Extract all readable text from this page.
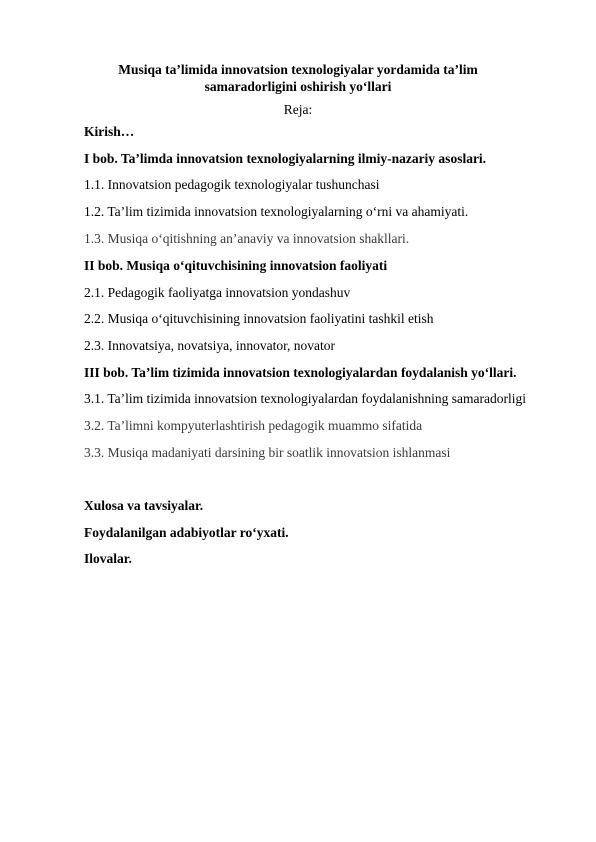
Musiqa ta’limida innovatsion texnologiyalar yordamida ta’lim
samaradorligini oshirish yo‘llari
Reja:
Kirish…
I bob. Ta’limda innovatsion texnologiyalarning ilmiy-nazariy asoslari.
1.1. Innovatsion pedagogik texnologiyalar tushunchasi
1.2. Ta’lim tizimida innovatsion texnologiyalarning o‘rni va ahamiyati.
1.3. Musiqa o‘qitishning an’anaviy va innovatsion shakllari.
II bob. Musiqa o‘qituvchisining innovatsion faoliyati
2.1. Pedagogik faoliyatga innovatsion yondashuv
2.2. Musiqa o‘qituvchisining innovatsion faoliyatini tashkil etish
2.3. Innovatsiya, novatsiya, innovator, novator
III bob. Ta’lim tizimida innovatsion texnologiyalardan foydalanish yo‘llari.
3.1. Ta’lim tizimida innovatsion texnologiyalardan foydalanishning samaradorligi
3.2. Ta’limni kompyuterlashtirish pedagogik muammo sifatida
3.3. Musiqa madaniyati darsining bir soatlik innovatsion ishlanmasi
Xulosa va tavsiyalar.
Foydalanilgan adabiyotlar ro‘yxati.
Ilovalar.
